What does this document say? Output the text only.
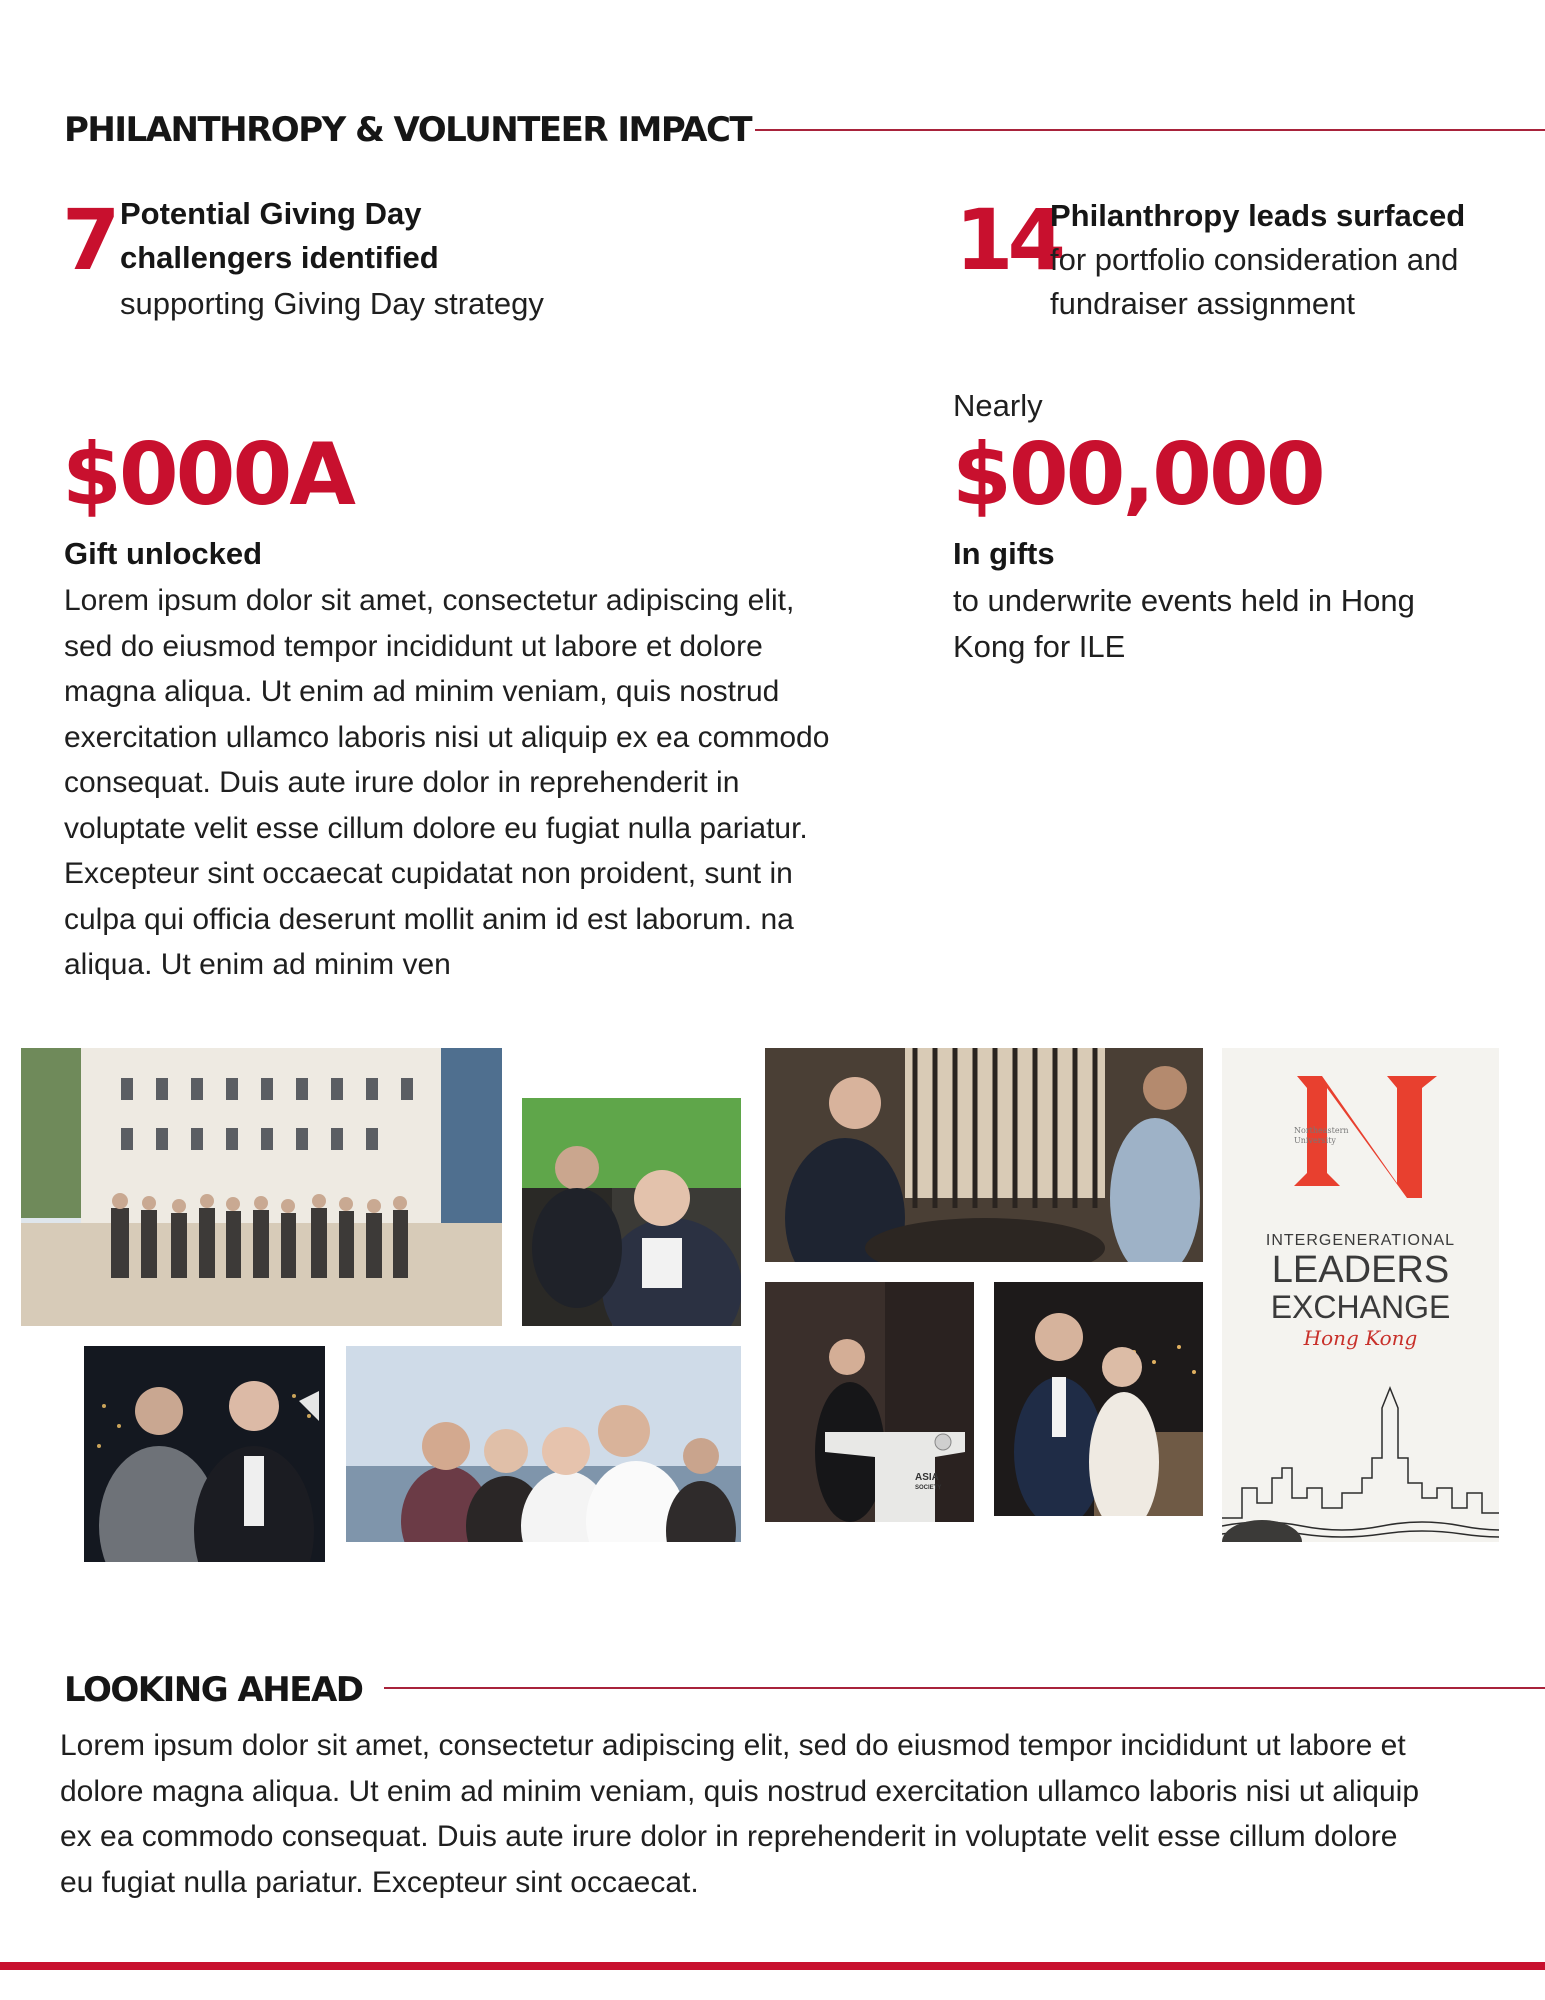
PHILANTHROPY & VOLUNTEER IMPACT
7 Potential Giving Day
challengers identified
supporting Giving Day strategy
14
Philanthropy leads surfaced
for portfolio consideration and
fundraiser assignment
$000A
Gift unlocked
Lorem ipsum dolor sit amet, consectetur adipiscing elit,
sed do eiusmod tempor incididunt ut labore et dolore
magna aliqua. Ut enim ad minim veniam, quis nostrud
exercitation ullamco laboris nisi ut aliquip ex ea commodo
consequat. Duis aute irure dolor in reprehenderit in
voluptate velit esse cillum dolore eu fugiat nulla pariatur.
Excepteur sint occaecat cupidatat non proident, sunt in
culpa qui officia deserunt mollit anim id est laborum. na
aliqua. Ut enim ad minim ven
Nearly
$00,000
In gifts
to underwrite events held in Hong
Kong for ILE
Northeastern
University
INTERGENERATIONAL
LEADERS
EXCHANGE
Hong Kong
ASIA
SOCIETY
LOOKING AHEAD
Lorem ipsum dolor sit amet, consectetur adipiscing elit, sed do eiusmod tempor incididunt ut labore et
dolore magna aliqua. Ut enim ad minim veniam, quis nostrud exercitation ullamco laboris nisi ut aliquip
ex ea commodo consequat. Duis aute irure dolor in reprehenderit in voluptate velit esse cillum dolore
eu fugiat nulla pariatur. Excepteur sint occaecat.
